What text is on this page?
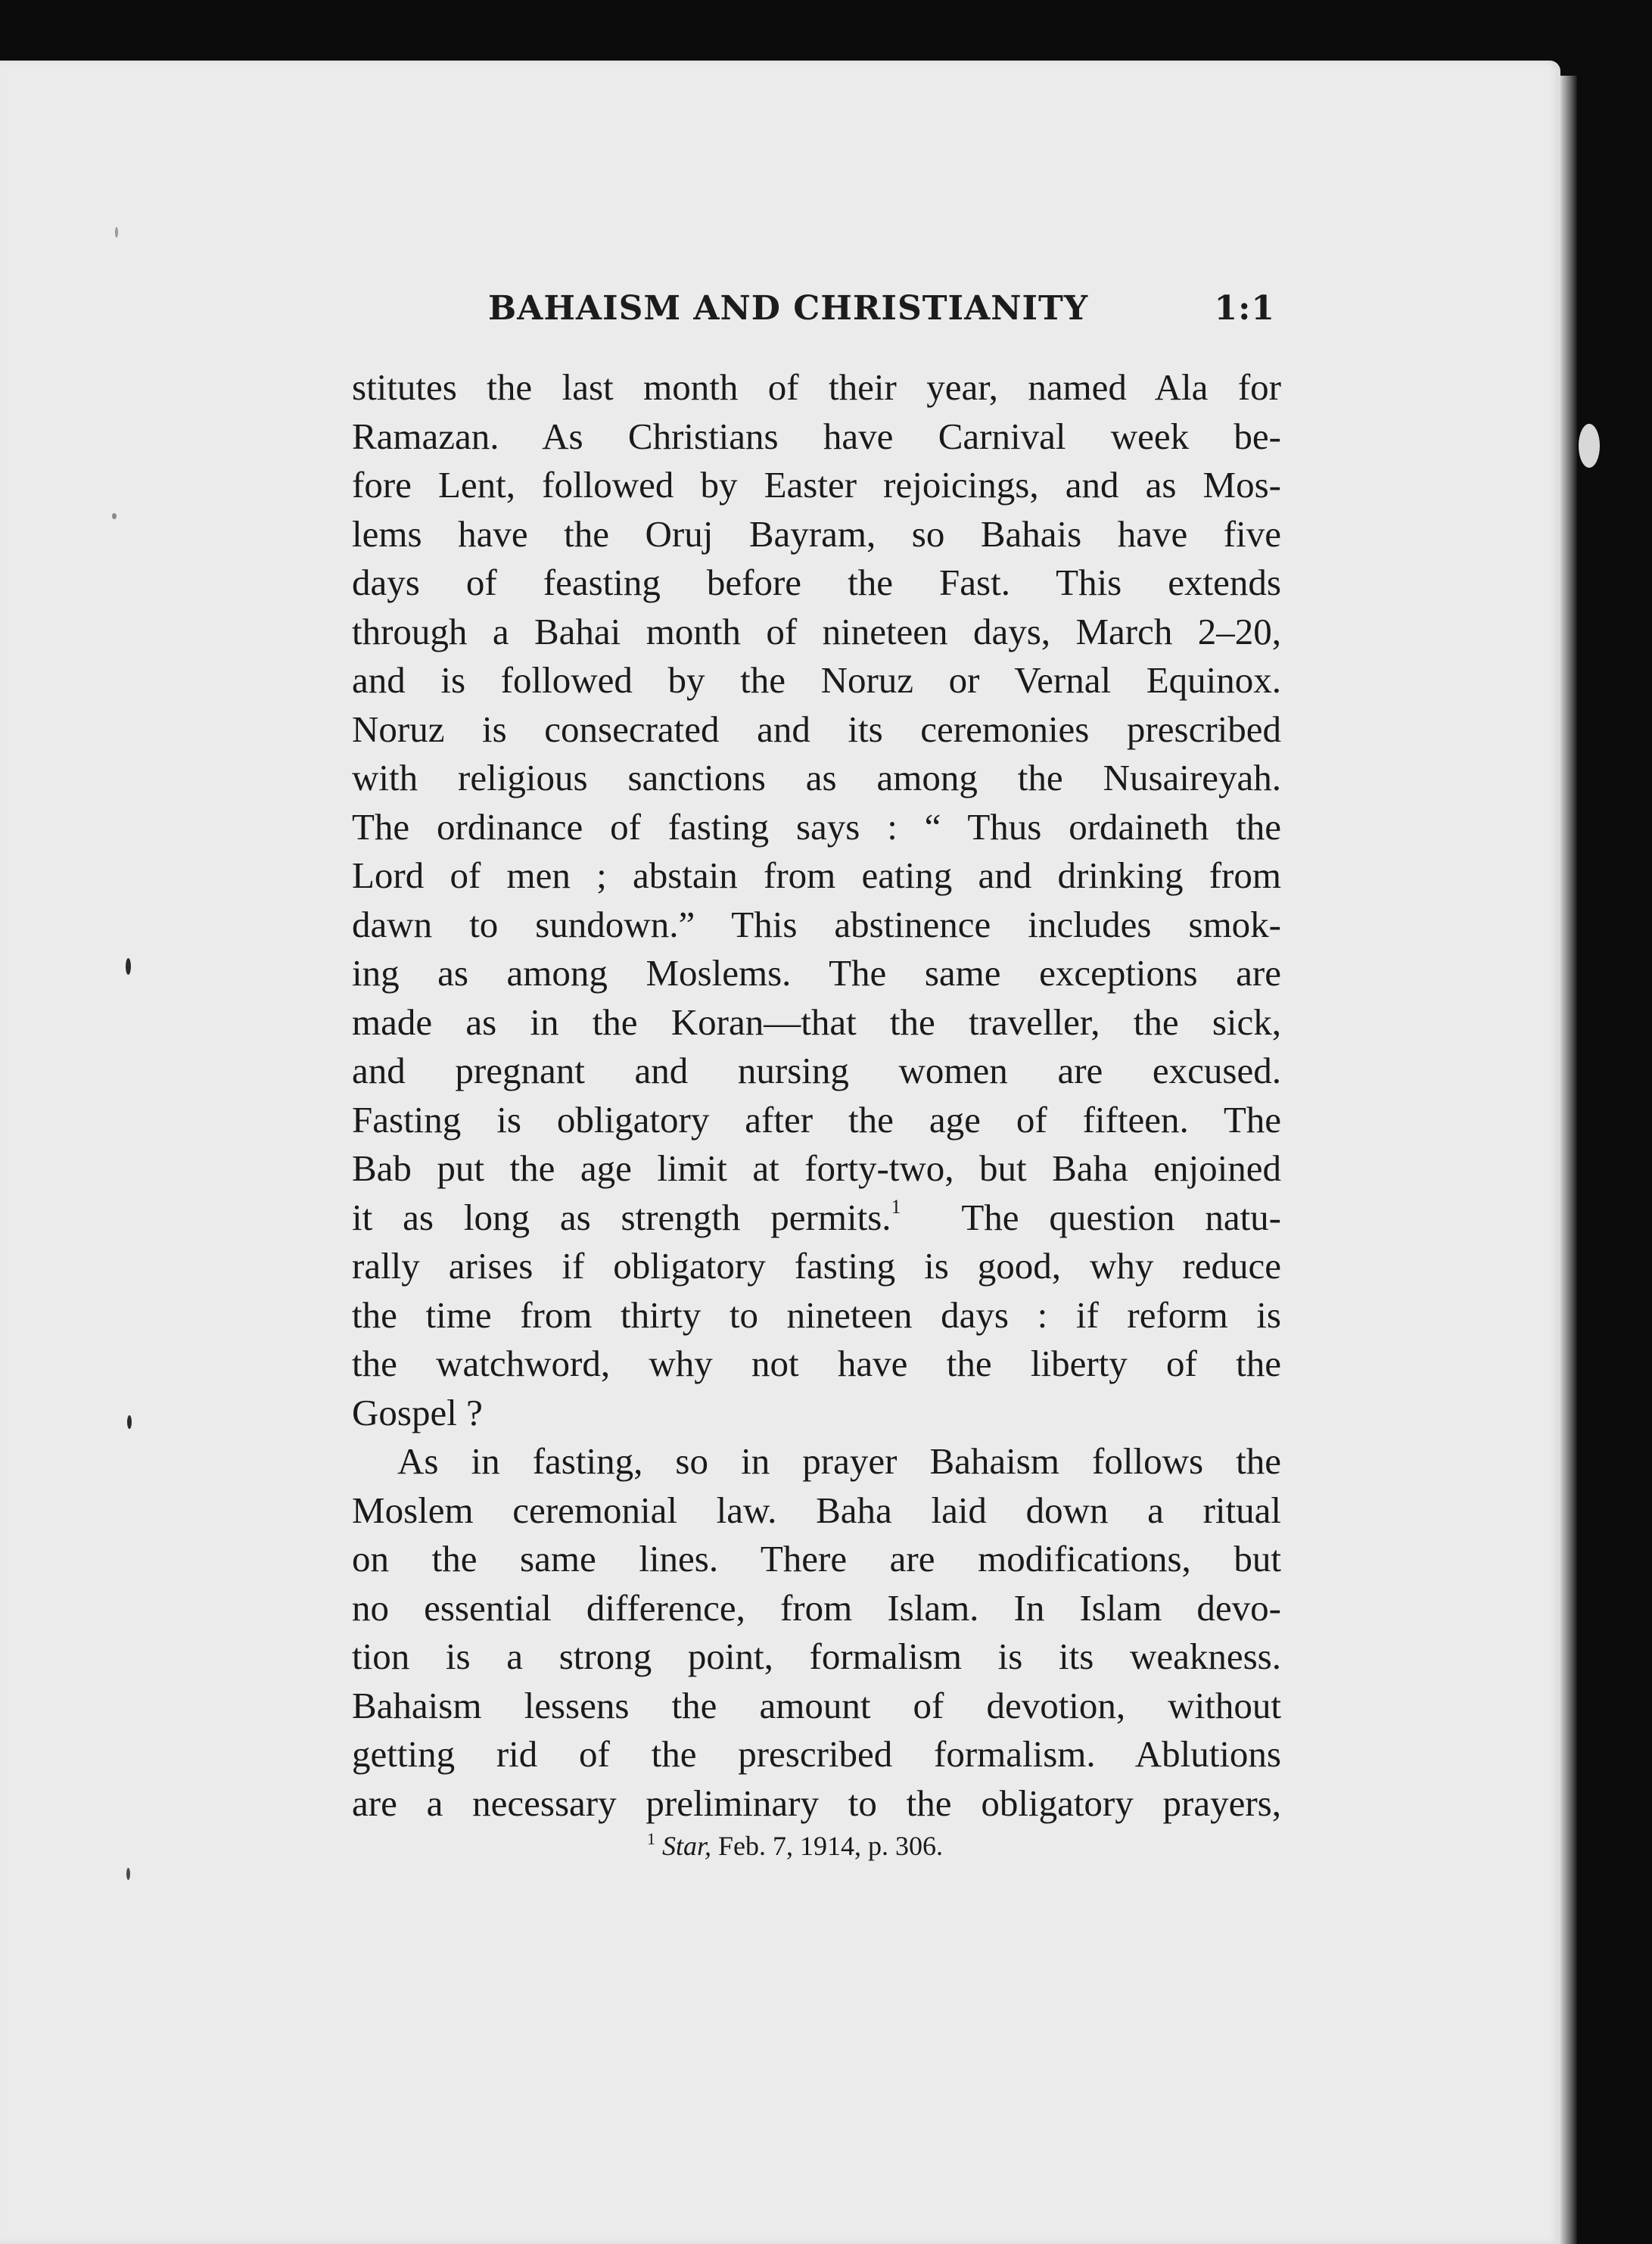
BAHAISM AND CHRISTIANITY	1:1
stitutes the last month of their year, named Ala for
Ramazan. As Christians have Carnival week be-
fore Lent, followed by Easter rejoicings, and as Mos-
lems have the Oruj Bayram, so Bahais have five
days of feasting before the Fast. This extends
through a Bahai month of nineteen days, March 2–20,
and is followed by the Noruz or Vernal Equinox.
Noruz is consecrated and its ceremonies prescribed
with religious sanctions as among the Nusaireyah.
The ordinance of fasting says : “ Thus ordaineth the
Lord of men ; abstain from eating and drinking from
dawn to sundown.” This abstinence includes smok-
ing as among Moslems. The same exceptions are
made as in the Koran—that the traveller, the sick,
and pregnant and nursing women are excused.
Fasting is obligatory after the age of fifteen. The
Bab put the age limit at forty-two, but Baha enjoined
it as long as strength permits.$^1$ The question natu-
rally arises if obligatory fasting is good, why reduce
the time from thirty to nineteen days : if reform is
the watchword, why not have the liberty of the
Gospel ?
As in fasting, so in prayer Bahaism follows the
Moslem ceremonial law. Baha laid down a ritual
on the same lines. There are modifications, but
no essential difference, from Islam. In Islam devo-
tion is a strong point, formalism is its weakness.
Bahaism lessens the amount of devotion, without
getting rid of the prescribed formalism. Ablutions
are a necessary preliminary to the obligatory prayers,
$^1$ Star, Feb. 7, 1914, p. 306.
